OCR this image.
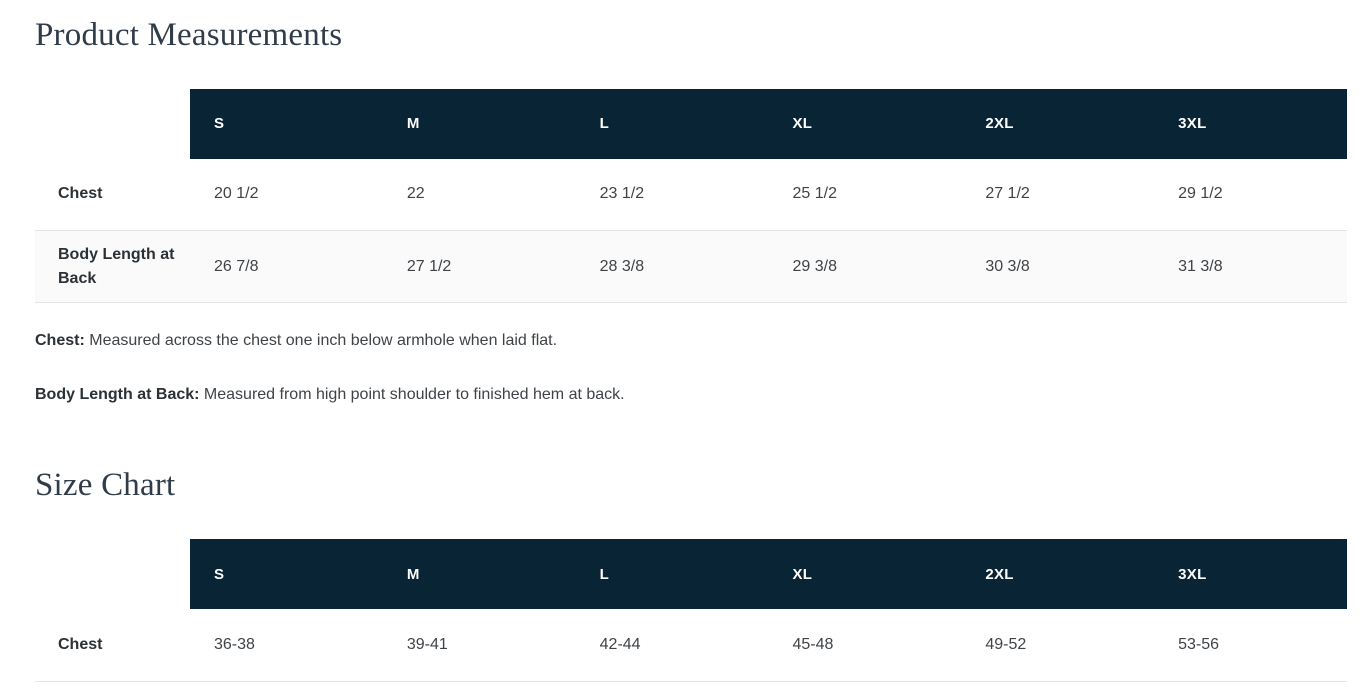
Product Measurements
	S	M	L	XL	2XL	3XL
Chest	20 1/2	22	23 1/2	25 1/2	27 1/2	29 1/2
Body Length at Back	26 7/8	27 1/2	28 3/8	29 3/8	30 3/8	31 3/8

Chest: Measured across the chest one inch below armhole when laid flat.

Body Length at Back: Measured from high point shoulder to finished hem at back.

Size Chart
	S	M	L	XL	2XL	3XL
Chest	36-38	39-41	42-44	45-48	49-52	53-56
